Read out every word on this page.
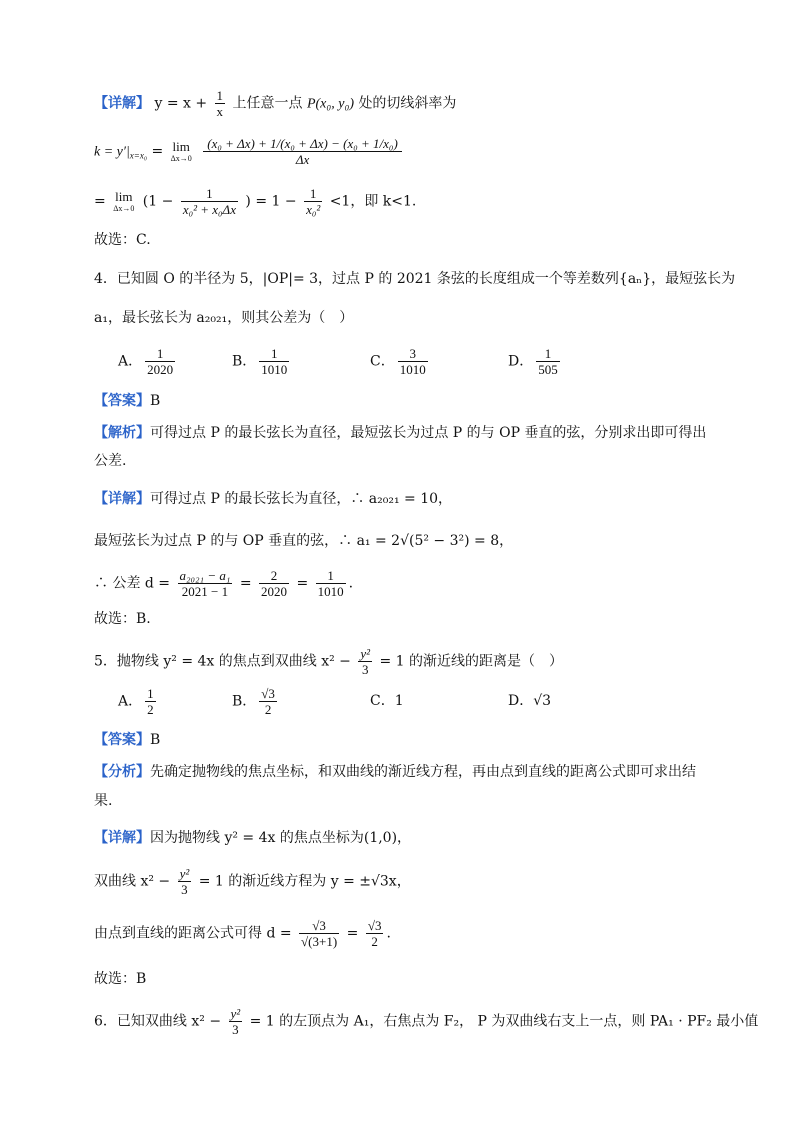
【详解】 $y = x + \frac{1}{x}$ 上任意一点 P(x₀, y₀) 处的切线斜率为
$k = y'|_{x=x_0} = \lim$
Δx→0
$\frac{\text{(x₀ + Δx) + 1/(x₀ + Δx) − (x₀ + 1/x₀)}}{\Delta x}$
= lim
Δx→0 ($1 - \frac{1}{\text{x₀² + x₀Δx}}$ ) = $1 - \frac{1}{\text{x₀²}} <1$，即 k<1.
故选：C.
4．已知圆 O 的半径为 5，|OP|= 3，过点 P 的 2021 条弦的长度组成一个等差数列{aₙ}，最短弦长为
a₁，最长弦长为 a₂₀₂₁，则其公差为（　）
A． $\frac{1}{2020}$	B． $\frac{1}{1010}$	C． $\frac{3}{1010}$	D． $\frac{1}{505}$
【答案】B
【解析】可得过点 P 的最长弦长为直径，最短弦长为过点 P 的与 OP 垂直的弦，分别求出即可得出
公差.
【详解】可得过点 P 的最长弦长为直径，∴ a₂₀₂₁ = 10，
最短弦长为过点 P 的与 OP 垂直的弦，∴ a₁ = 2√(5² − 3²) = 8，
∴ 公差 $d = \frac{\text{a₂₀₂₁ − a₁}}{2021 - 1} = \frac{2}{2020} = \frac{1}{1010}$ .
故选：B.
5．抛物线 y² = 4x 的焦点到双曲线 $x^2 - \frac{\text{y²}}{3} = 1$ 的渐近线的距离是（　）
A． $\frac{1}{2}$	B． $\frac{√3}{2}$	C．1	D．√3
【答案】B
【分析】先确定抛物线的焦点坐标，和双曲线的渐近线方程，再由点到直线的距离公式即可求出结
果.
【详解】因为抛物线 y² = 4x 的焦点坐标为(1,0)，
双曲线 $x^2 - \frac{\text{y²}}{3} = 1$ 的渐近线方程为 y = ±√3x，
由点到直线的距离公式可得 $d = \frac{√3}{√(3+1)} = \frac{√3}{2}$ .
故选：B
6．已知双曲线 $x^2 - \frac{\text{y²}}{3} = 1$ 的左顶点为 A₁，右焦点为 F₂， P 为双曲线右支上一点，则 PA₁ · PF₂ 最小值
